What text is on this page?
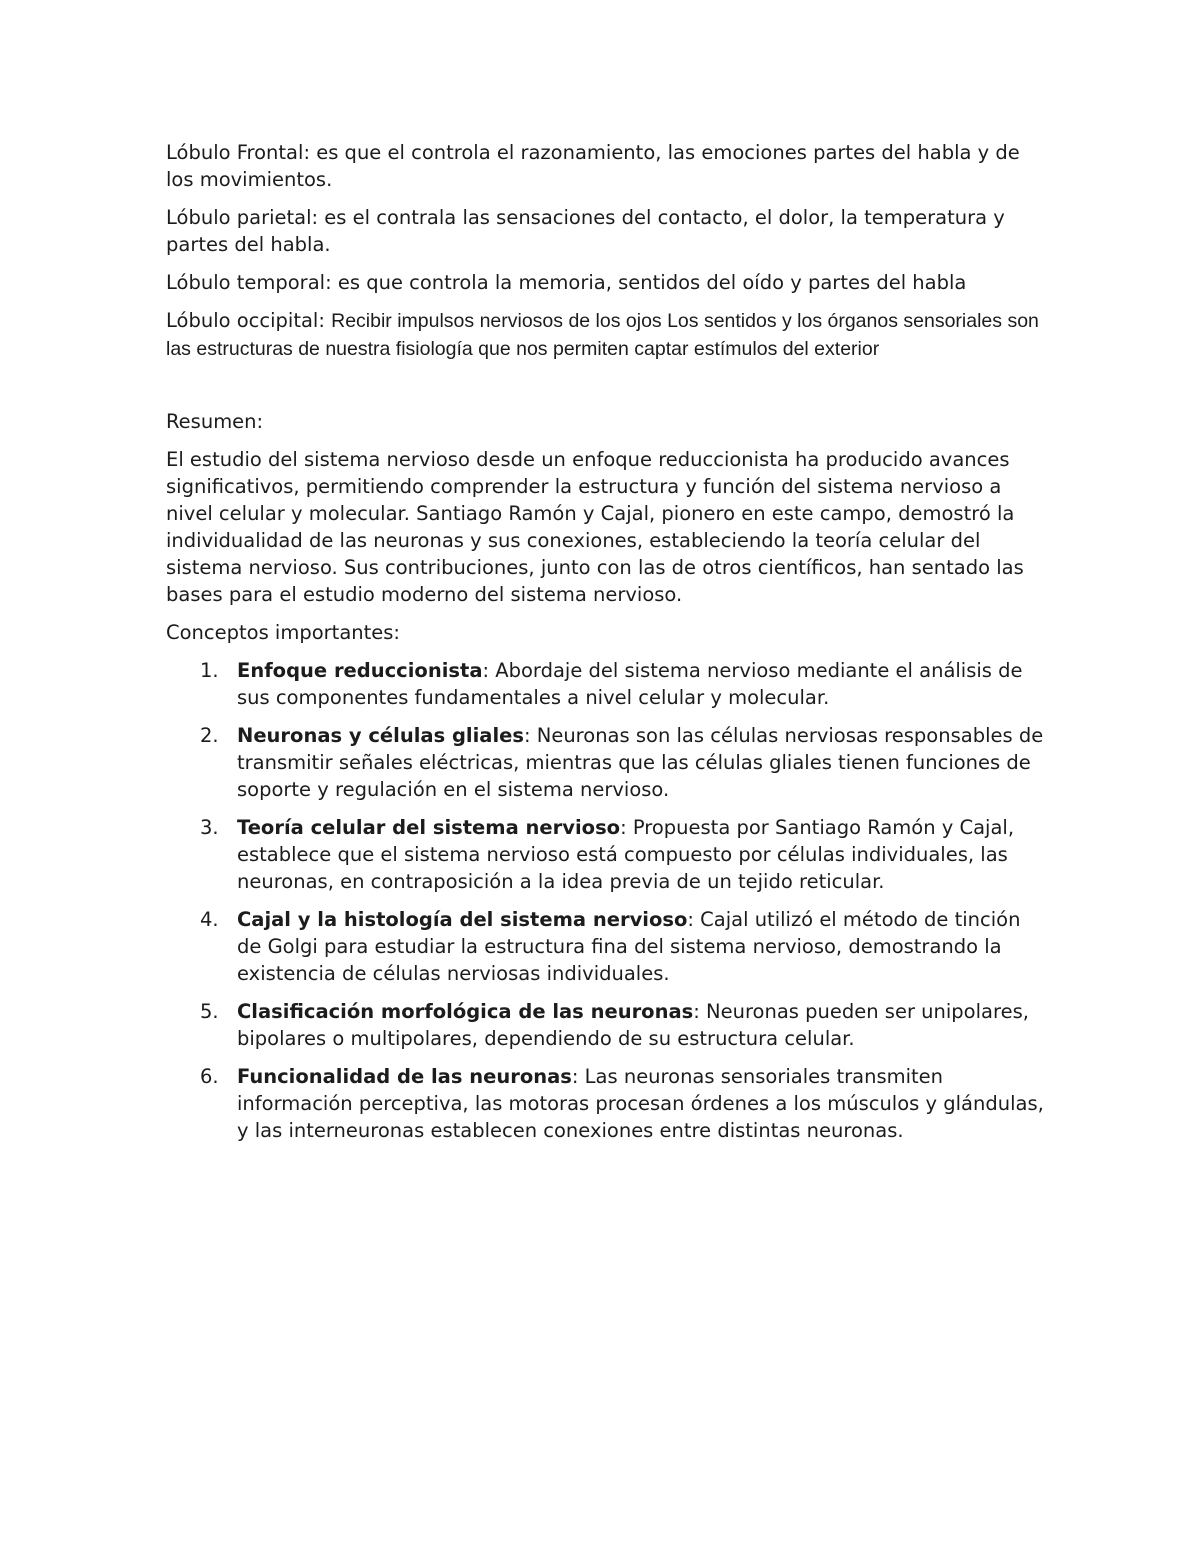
Lóbulo Frontal: es que el controla el razonamiento, las emociones partes del habla y de los movimientos.

Lóbulo parietal: es el contrala las sensaciones del contacto, el dolor, la temperatura y partes del habla.

Lóbulo temporal: es que controla la memoria, sentidos del oído y partes del habla

Lóbulo occipital: Recibir impulsos nerviosos de los ojos Los sentidos y los órganos sensoriales son las estructuras de nuestra fisiología que nos permiten captar estímulos del exterior

Resumen:

El estudio del sistema nervioso desde un enfoque reduccionista ha producido avances significativos, permitiendo comprender la estructura y función del sistema nervioso a nivel celular y molecular. Santiago Ramón y Cajal, pionero en este campo, demostró la individualidad de las neuronas y sus conexiones, estableciendo la teoría celular del sistema nervioso. Sus contribuciones, junto con las de otros científicos, han sentado las bases para el estudio moderno del sistema nervioso.

Conceptos importantes:

1. Enfoque reduccionista: Abordaje del sistema nervioso mediante el análisis de sus componentes fundamentales a nivel celular y molecular.
2. Neuronas y células gliales: Neuronas son las células nerviosas responsables de transmitir señales eléctricas, mientras que las células gliales tienen funciones de soporte y regulación en el sistema nervioso.
3. Teoría celular del sistema nervioso: Propuesta por Santiago Ramón y Cajal, establece que el sistema nervioso está compuesto por células individuales, las neuronas, en contraposición a la idea previa de un tejido reticular.
4. Cajal y la histología del sistema nervioso: Cajal utilizó el método de tinción de Golgi para estudiar la estructura fina del sistema nervioso, demostrando la existencia de células nerviosas individuales.
5. Clasificación morfológica de las neuronas: Neuronas pueden ser unipolares, bipolares o multipolares, dependiendo de su estructura celular.
6. Funcionalidad de las neuronas: Las neuronas sensoriales transmiten información perceptiva, las motoras procesan órdenes a los músculos y glándulas, y las interneuronas establecen conexiones entre distintas neuronas.
